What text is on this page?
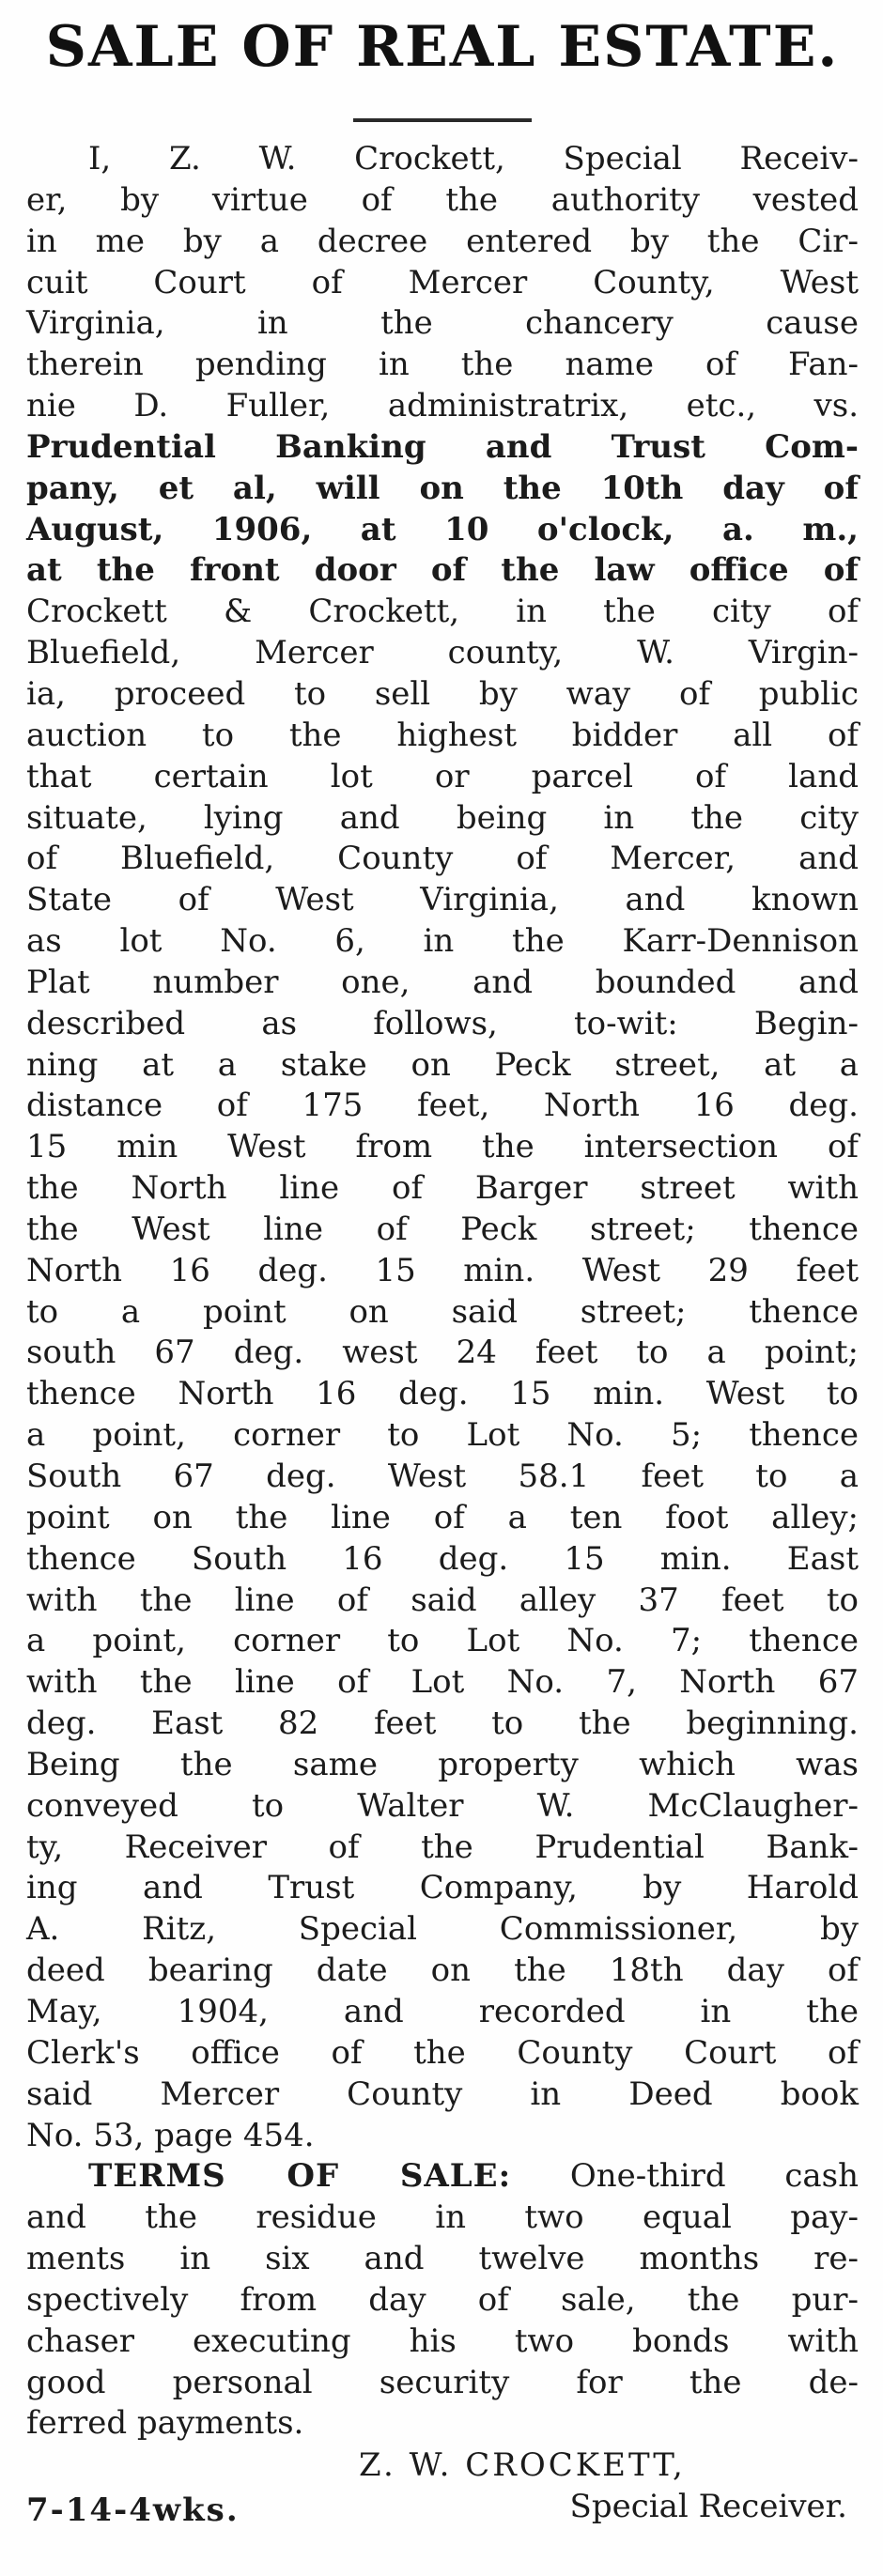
SALE OF REAL ESTATE.
I, Z. W. Crockett, Special Receiv-
er, by virtue of the authority vested
in me by a decree entered by the Cir-
cuit Court of Mercer County, West
Virginia, in the chancery cause
therein pending in the name of Fan-
nie D. Fuller, administratrix, etc., vs.
Prudential Banking and Trust Com-
pany, et al, will on the 10th day of
August, 1906, at 10 o'clock, a. m.,
at the front door of the law office of
Crockett & Crockett, in the city of
Bluefield, Mercer county, W. Virgin-
ia, proceed to sell by way of public
auction to the highest bidder all of
that certain lot or parcel of land
situate, lying and being in the city
of Bluefield, County of Mercer, and
State of West Virginia, and known
as lot No. 6, in the Karr-Dennison
Plat number one, and bounded and
described as follows, to-wit: Begin-
ning at a stake on Peck street, at a
distance of 175 feet, North 16 deg.
15 min West from the intersection of
the North line of Barger street with
the West line of Peck street; thence
North 16 deg. 15 min. West 29 feet
to a point on said street; thence
south 67 deg. west 24 feet to a point;
thence North 16 deg. 15 min. West to
a point, corner to Lot No. 5; thence
South 67 deg. West 58.1 feet to a
point on the line of a ten foot alley;
thence South 16 deg. 15 min. East
with the line of said alley 37 feet to
a point, corner to Lot No. 7; thence
with the line of Lot No. 7, North 67
deg. East 82 feet to the beginning.
Being the same property which was
conveyed to Walter W. McClaugher-
ty, Receiver of the Prudential Bank-
ing and Trust Company, by Harold
A. Ritz, Special Commissioner, by
deed bearing date on the 18th day of
May, 1904, and recorded in the
Clerk's office of the County Court of
said Mercer County in Deed book
No. 53, page 454.
TERMS OF SALE: One-third cash
and the residue in two equal pay-
ments in six and twelve months re-
spectively from day of sale, the pur-
chaser executing his two bonds with
good personal security for the de-
ferred payments.
Z. W. CROCKETT,
7-14-4wks.	Special Receiver.
